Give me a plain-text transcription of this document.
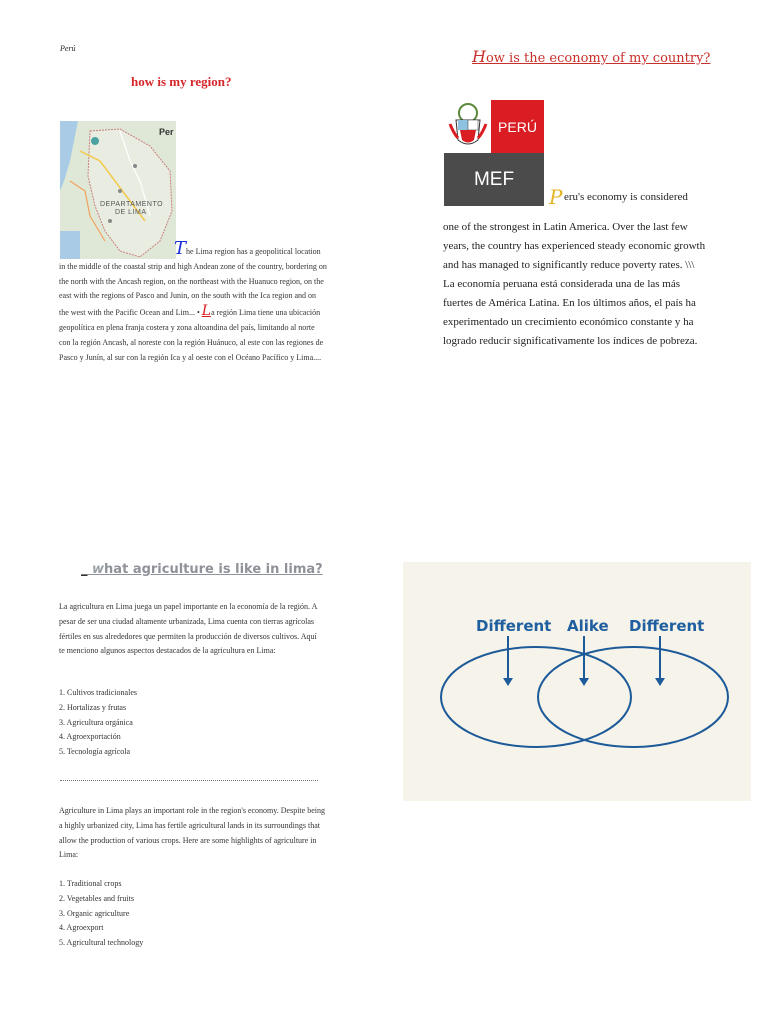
Perú
how is my region?
Per
DEPARTAMENTO
DE LIMA
The Lima region has a geopolitical location in the middle of the coastal strip and high Andean zone of the country, bordering on the north with the Ancash region, on the northeast with the Huanuco region, on the east with the regions of Pasco and Junin, on the south with the Ica region and on the west with the Pacific Ocean and Lim... • La región Lima tiene una ubicación geopolítica en plena franja costera y zona altoandina del país, limitando al norte con la región Ancash, al noreste con la región Huánuco, al este con las regiones de Pasco y Junín, al sur con la región Ica y al oeste con el Océano Pacífico y Lima....
How is the economy of my country?
PERÚ
MEF
P eru's economy is considered
one of the strongest in Latin America. Over the last few years, the country has experienced steady economic growth and has managed to significantly reduce poverty rates. \\\ La economía peruana está considerada una de las más fuertes de América Latina. En los últimos años, el país ha experimentado un crecimiento económico constante y ha logrado reducir significativamente los índices de pobreza.
_ what agriculture is like in lima?
La agricultura en Lima juega un papel importante en la economía de la región. A pesar de ser una ciudad altamente urbanizada, Lima cuenta con tierras agrícolas fértiles en sus alrededores que permiten la producción de diversos cultivos. Aquí te menciono algunos aspectos destacados de la agricultura en Lima:
1. Cultivos tradicionales
2. Hortalizas y frutas
3. Agricultura orgánica
4. Agroexportación
5. Tecnología agrícola
Agriculture in Lima plays an important role in the region's economy. Despite being a highly urbanized city, Lima has fertile agricultural lands in its surroundings that allow the production of various crops. Here are some highlights of agriculture in Lima:
1. Traditional crops
2. Vegetables and fruits
3. Organic agriculture
4. Agroexport
5. Agricultural technology
Different Alike Different
